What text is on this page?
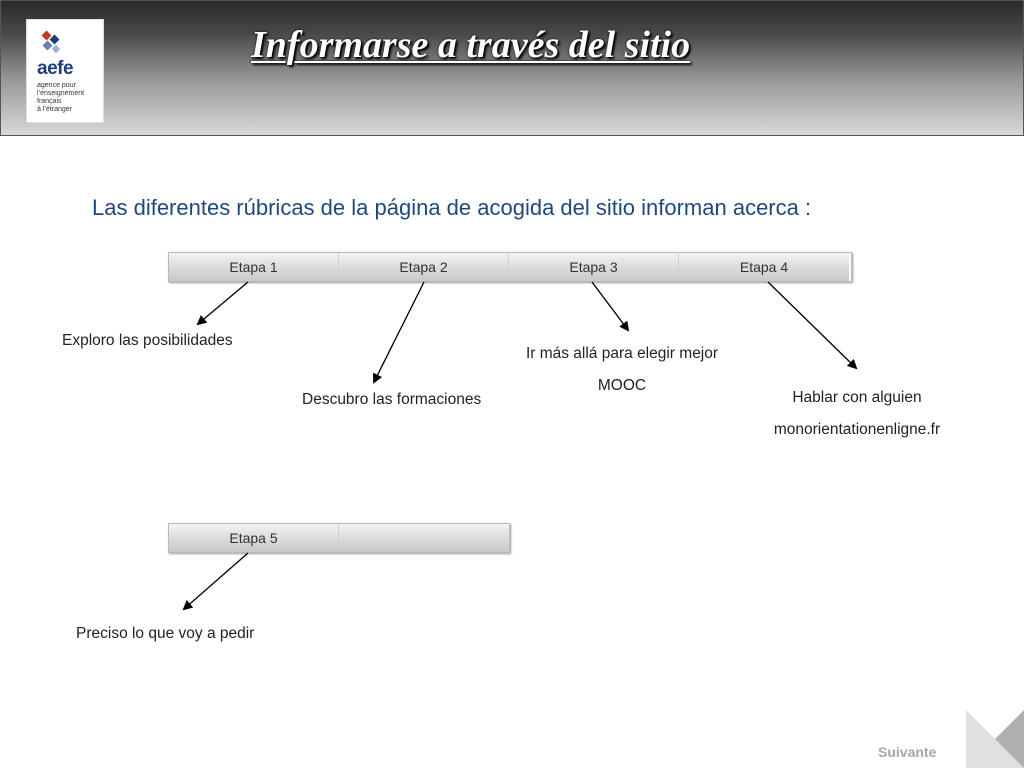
aefe
agence pour
l’enseignement
français
à l’étranger
Informarse a través del sitio
Las diferentes rúbricas de la página de acogida del sitio informan acerca :
Etapa 1	Etapa 2	Etapa 3	Etapa 4
Etapa 5
Exploro las posibilidades
Descubro las formaciones
Ir más allá para elegir mejor
MOOC
Hablar con alguien
monorientationenligne.fr
Preciso lo que voy a pedir
Suivante
